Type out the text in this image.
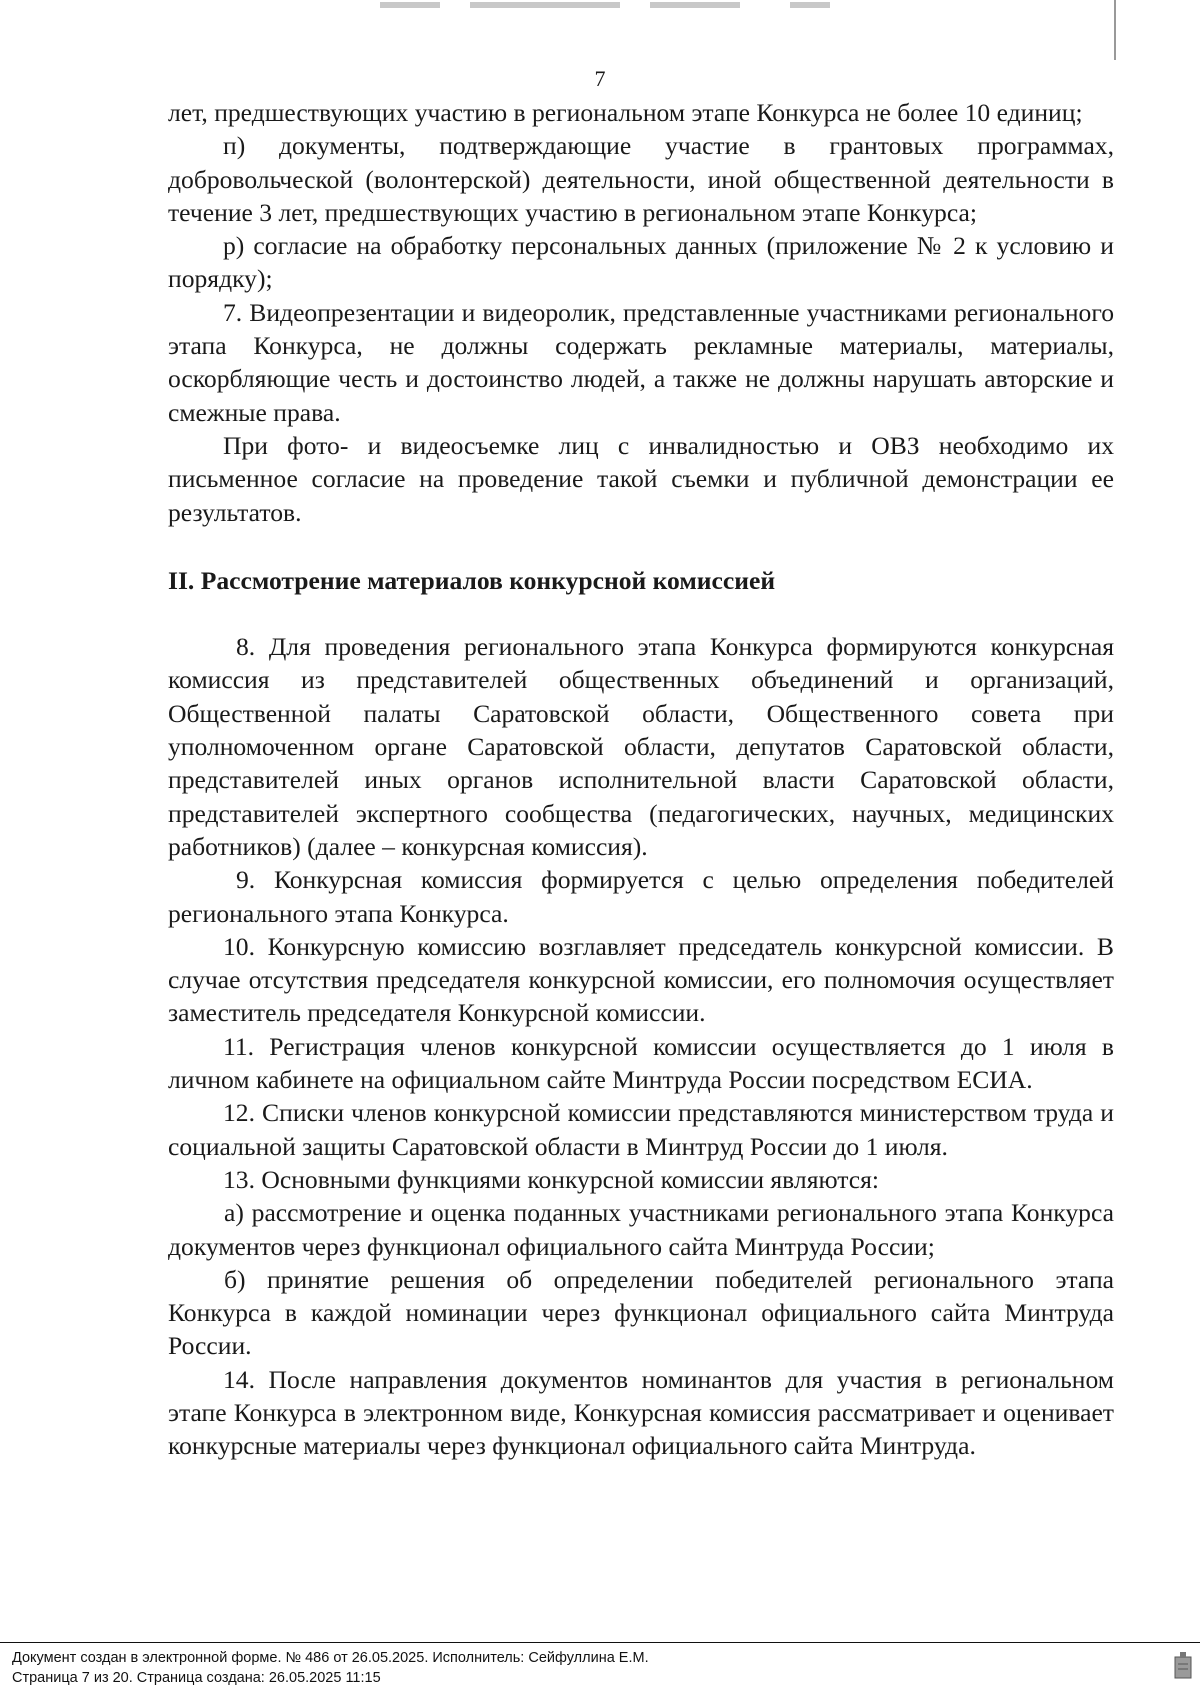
7

лет, предшествующих участию в региональном этапе Конкурса не более 10 единиц;

п) документы, подтверждающие участие в грантовых программах, добровольческой (волонтерской) деятельности, иной общественной деятельности в течение 3 лет, предшествующих участию в региональном этапе Конкурса;

р) согласие на обработку персональных данных (приложение № 2 к условию и порядку);

7. Видеопрезентации и видеоролик, представленные участниками регионального этапа Конкурса, не должны содержать рекламные материалы, материалы, оскорбляющие честь и достоинство людей, а также не должны нарушать авторские и смежные права.

При фото- и видеосъемке лиц с инвалидностью и ОВЗ необходимо их письменное согласие на проведение такой съемки и публичной демонстрации ее результатов.

II. Рассмотрение материалов конкурсной комиссией

8. Для проведения регионального этапа Конкурса формируются конкурсная комиссия из представителей общественных объединений и организаций, Общественной палаты Саратовской области, Общественного совета при уполномоченном органе Саратовской области, депутатов Саратовской области, представителей иных органов исполнительной власти Саратовской области, представителей экспертного сообщества (педагогических, научных, медицинских работников) (далее – конкурсная комиссия).

9. Конкурсная комиссия формируется с целью определения победителей регионального этапа Конкурса.

10. Конкурсную комиссию возглавляет председатель конкурсной комиссии. В случае отсутствия председателя конкурсной комиссии, его полномочия осуществляет заместитель председателя Конкурсной комиссии.

11. Регистрация членов конкурсной комиссии осуществляется до 1 июля в личном кабинете на официальном сайте Минтруда России посредством ЕСИА.

12. Списки членов конкурсной комиссии представляются министерством труда и социальной защиты Саратовской области в Минтруд России до 1 июля.

13. Основными функциями конкурсной комиссии являются:

а) рассмотрение и оценка поданных участниками регионального этапа Конкурса документов через функционал официального сайта Минтруда России;

б) принятие решения об определении победителей регионального этапа Конкурса в каждой номинации через функционал официального сайта Минтруда России.

14. После направления документов номинантов для участия в региональном этапе Конкурса в электронном виде, Конкурсная комиссия рассматривает и оценивает конкурсные материалы через функционал официального сайта Минтруда.

Документ создан в электронной форме. № 486 от 26.05.2025. Исполнитель: Сейфуллина Е.М.
Страница 7 из 20. Страница создана: 26.05.2025 11:15
